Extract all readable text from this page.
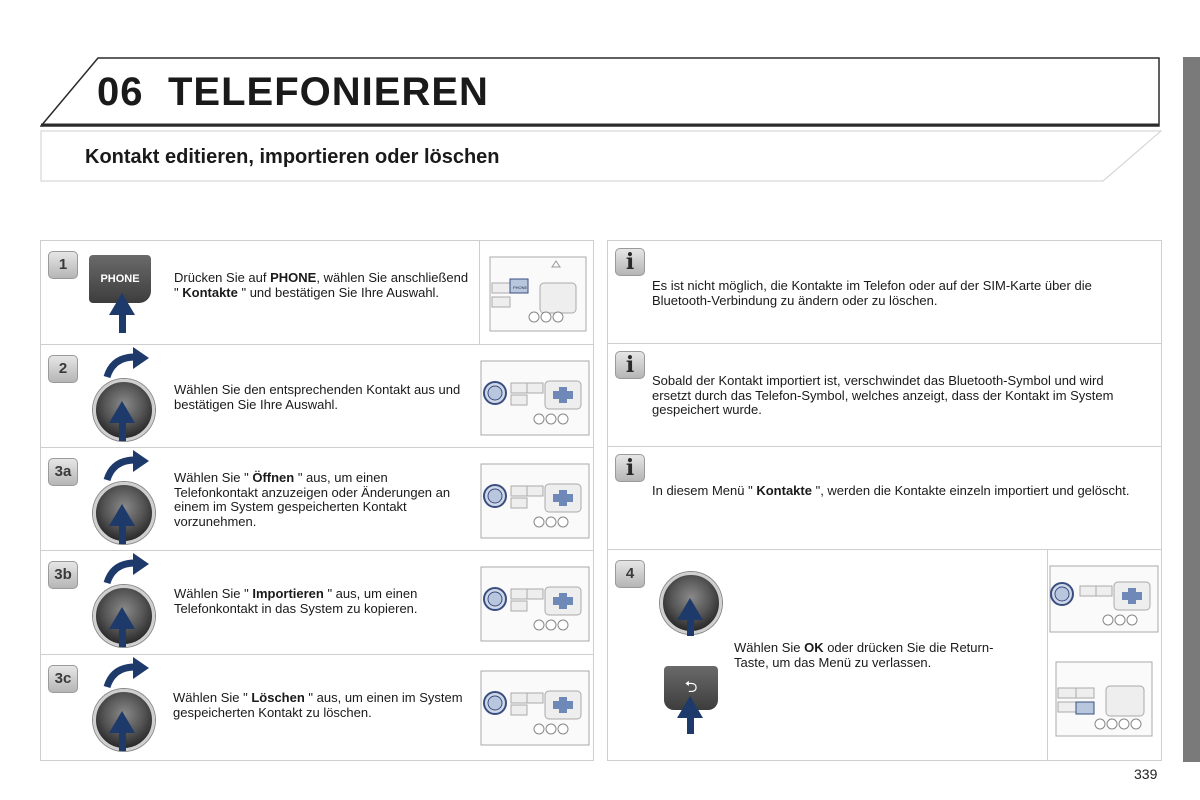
06 TELEFONIEREN
Kontakt editieren, importieren oder löschen
1
PHONE	Drücken Sie auf PHONE, wählen Sie anschließend " Kontakte " und bestätigen Sie Ihre Auswahl.	PHONE
2
Wählen Sie den entsprechenden Kontakt aus und bestätigen Sie Ihre Auswahl.
3a	Wählen Sie " Öffnen " aus, um einen Telefonkontakt anzuzeigen oder Änderungen an einem im System gespeicherten Kontakt vorzunehmen.
3b
Wählen Sie " Importieren " aus, um einen Telefonkontakt in das System zu kopieren.
3c
Wählen Sie " Löschen " aus, um einen im System gespeicherten Kontakt zu löschen.
i
Es ist nicht möglich, die Kontakte im Telefon oder auf der SIM-Karte über die Bluetooth-Verbindung zu ändern oder zu löschen.
i
Sobald der Kontakt importiert ist, verschwindet das Bluetooth-Symbol und wird ersetzt durch das Telefon-Symbol, welches anzeigt, dass der Kontakt im System gespeichert wurde.
i
In diesem Menü " Kontakte ", werden die Kontakte einzeln importiert und gelöscht.
4
⮌
Wählen Sie OK oder drücken Sie die Return-Taste, um das Menü zu verlassen.
339
